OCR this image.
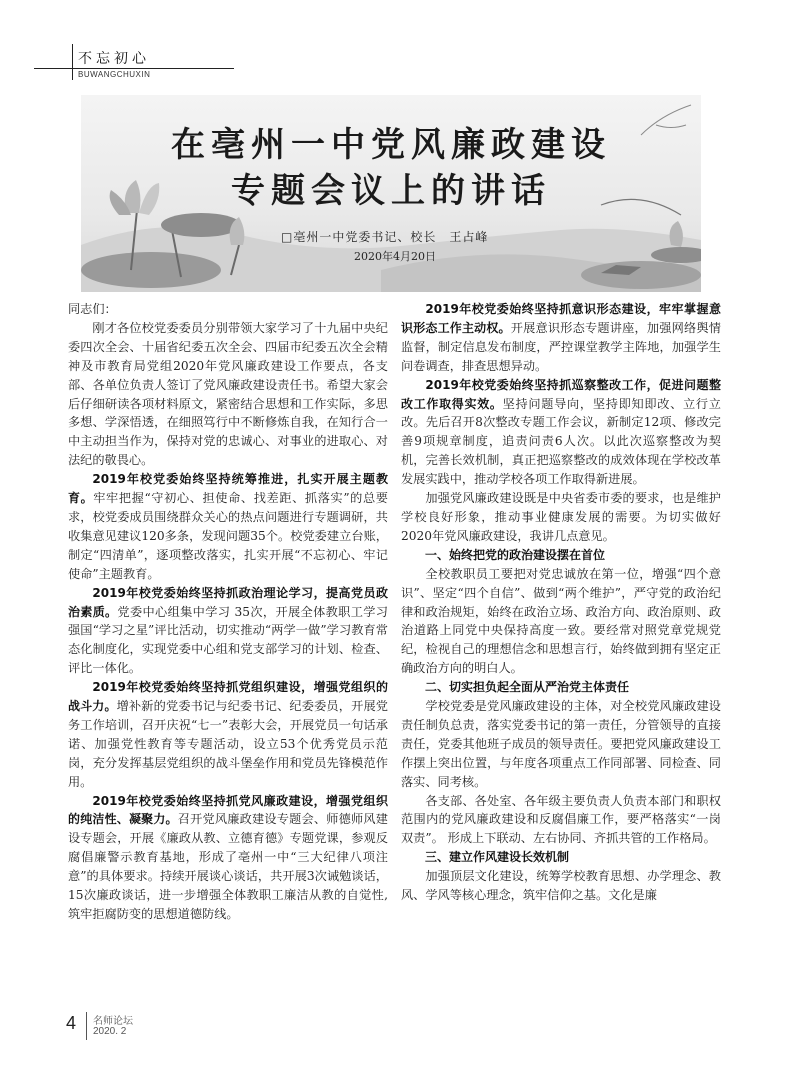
不忘初心
BUWANGCHUXIN
在亳州一中党风廉政建设
专题会议上的讲话
□亳州一中党委书记、校长　王占峰
2020年4月20日

同志们：

刚才各位校党委委员分别带领大家学习了十九届中央纪委四次全会、十届省纪委五次全会、四届市纪委五次全会精神及市教育局党组2020年党风廉政建设工作要点，各支部、各单位负责人签订了党风廉政建设责任书。希望大家会后仔细研读各项材料原文，紧密结合思想和工作实际，多思多想、学深悟透，在细照笃行中不断修炼自我，在知行合一中主动担当作为，保持对党的忠诚心、对事业的进取心、对法纪的敬畏心。

2019年校党委始终坚持统筹推进，扎实开展主题教育。牢牢把握“守初心、担使命、找差距、抓落实”的总要求，校党委成员围绕群众关心的热点问题进行专题调研，共收集意见建议120多条，发现问题35个。校党委建立台账，制定“四清单”，逐项整改落实，扎实开展“不忘初心、牢记使命”主题教育。

2019年校党委始终坚持抓政治理论学习，提高党员政治素质。党委中心组集中学习 35次，开展全体教职工学习强国“学习之星”评比活动，切实推动“两学一做”学习教育常态化制度化，实现党委中心组和党支部学习的计划、检查、评比一体化。

2019年校党委始终坚持抓党组织建设，增强党组织的战斗力。增补新的党委书记与纪委书记、纪委委员，开展党务工作培训，召开庆祝“七一”表彰大会，开展党员一句话承诺、加强党性教育等专题活动，设立53个优秀党员示范岗，充分发挥基层党组织的战斗堡垒作用和党员先锋模范作用。

2019年校党委始终坚持抓党风廉政建设，增强党组织的纯洁性、凝聚力。召开党风廉政建设专题会、师德师风建设专题会，开展《廉政从教、立德育德》专题党课，参观反腐倡廉警示教育基地，形成了亳州一中“三大纪律八项注意”的具体要求。持续开展谈心谈话，共开展3次诫勉谈话，15次廉政谈话，进一步增强全体教职工廉洁从教的自觉性,筑牢拒腐防变的思想道德防线。

2019年校党委始终坚持抓意识形态建设，牢牢掌握意识形态工作主动权。开展意识形态专题讲座，加强网络舆情监督，制定信息发布制度，严控课堂教学主阵地，加强学生问卷调查，排查思想异动。

2019年校党委始终坚持抓巡察整改工作，促进问题整改工作取得实效。坚持问题导向，坚持即知即改、立行立改。先后召开8次整改专题工作会议，新制定12项、修改完善9项规章制度，追责问责6人次。以此次巡察整改为契机，完善长效机制，真正把巡察整改的成效体现在学校改革发展实践中，推动学校各项工作取得新进展。

加强党风廉政建设既是中央省委市委的要求，也是维护学校良好形象，推动事业健康发展的需要。为切实做好2020年党风廉政建设，我讲几点意见。

一、始终把党的政治建设摆在首位

全校教职员工要把对党忠诚放在第一位，增强“四个意识”、坚定“四个自信”、做到“两个维护”，严守党的政治纪律和政治规矩，始终在政治立场、政治方向、政治原则、政治道路上同党中央保持高度一致。要经常对照党章党规党纪，检视自己的理想信念和思想言行，始终做到拥有坚定正确政治方向的明白人。

二、切实担负起全面从严治党主体责任

学校党委是党风廉政建设的主体，对全校党风廉政建设责任制负总责，落实党委书记的第一责任，分管领导的直接责任，党委其他班子成员的领导责任。要把党风廉政建设工作摆上突出位置，与年度各项重点工作同部署、同检查、同落实、同考核。

各支部、各处室、各年级主要负责人负责本部门和职权范围内的党风廉政建设和反腐倡廉工作，要严格落实“一岗双责”。 形成上下联动、左右协同、齐抓共管的工作格局。

三、建立作风建设长效机制

加强顶层文化建设，统筹学校教育思想、办学理念、教风、学风等核心理念，筑牢信仰之基。文化是廉

4 名师论坛
2020. 2
